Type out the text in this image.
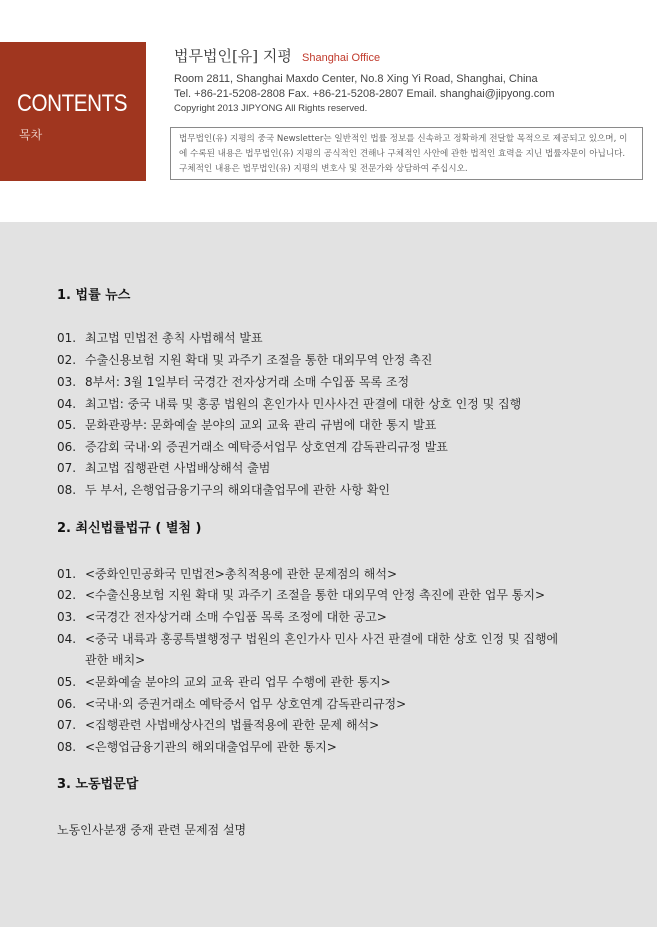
CONTENTS
목차
법무법인[유] 지평 Shanghai Office
Room 2811, Shanghai Maxdo Center, No.8 Xing Yi Road, Shanghai, China
Tel. +86-21-5208-2808 Fax. +86-21-5208-2807 Email. shanghai@jipyong.com
Copyright 2013 JIPYONG All Rights reserved.
법무법인(유) 지평의 중국 Newsletter는 일반적인 법률 정보를 신속하고 정확하게 전달할 목적으로 제공되고 있으며, 이에 수록된 내용은 법무법인(유) 지평의 공식적인 견해나 구체적인 사안에 관한 법적인 효력을 지닌 법률자문이 아닙니다. 구체적인 내용은 법무법인(유) 지평의 변호사 및 전문가와 상담하여 주십시오.
1. 법률 뉴스
01. 최고법 민법전 총칙 사법해석 발표
02. 수출신용보험 지원 확대 및 과주기 조절을 통한 대외무역 안정 촉진
03. 8부서: 3월 1일부터 국경간 전자상거래 소매 수입품 목록 조정
04. 최고법: 중국 내륙 및 홍콩 법원의 혼인가사 민사사건 판결에 대한 상호 인정 및 집행
05. 문화관광부: 문화예술 분야의 교외 교육 관리 규범에 대한 통지 발표
06. 증감회 국내·외 증권거래소 예탁증서업무 상호연계 감독관리규정 발표
07. 최고법 집행관련 사법배상해석 출범
08. 두 부서, 은행업금융기구의 해외대출업무에 관한 사항 확인
2. 최신법률법규 ( 별첨 )
01. <중화인민공화국 민법전>총칙적용에 관한 문제점의 해석>
02. <수출신용보험 지원 확대 및 과주기 조절을 통한 대외무역 안정 촉진에 관한 업무 통지>
03. <국경간 전자상거래 소매 수입품 목록 조정에 대한 공고>
04. <중국 내륙과 홍콩특별행정구 법원의 혼인가사 민사 사건 판결에 대한 상호 인정 및 집행에
관한 배치>
05. <문화예술 분야의 교외 교육 관리 업무 수행에 관한 통지>
06. <국내·외 증권거래소 예탁증서 업무 상호연계 감독관리규정>
07. <집행관련 사법배상사건의 법률적용에 관한 문제 해석>
08. <은행업금융기관의 해외대출업무에 관한 통지>
3. 노동법문답
노동인사분쟁 중재 관련 문제점 설명
